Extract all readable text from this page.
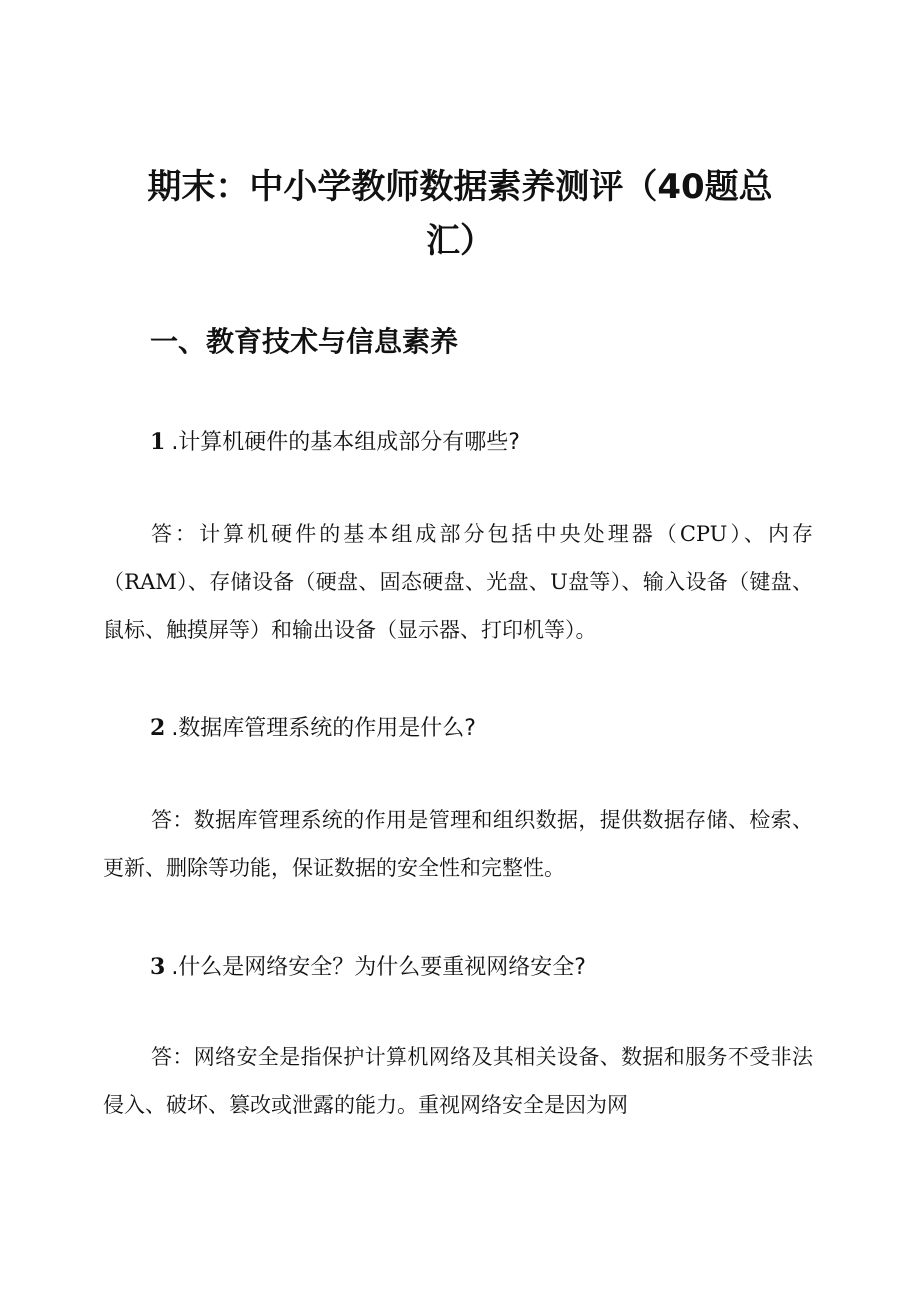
期末：中小学教师数据素养测评（40题总汇）
一、教育技术与信息素养

1 .计算机硬件的基本组成部分有哪些?

答：计算机硬件的基本组成部分包括中央处理器（CPU）、内存（RAM）、存储设备（硬盘、固态硬盘、光盘、U盘等）、输入设备（键盘、鼠标、触摸屏等）和输出设备（显示器、打印机等）。

2 .数据库管理系统的作用是什么?

答：数据库管理系统的作用是管理和组织数据，提供数据存储、检索、更新、删除等功能，保证数据的安全性和完整性。

3 .什么是网络安全？为什么要重视网络安全?

答：网络安全是指保护计算机网络及其相关设备、数据和服务不受非法侵入、破坏、篡改或泄露的能力。重视网络安全是因为网
